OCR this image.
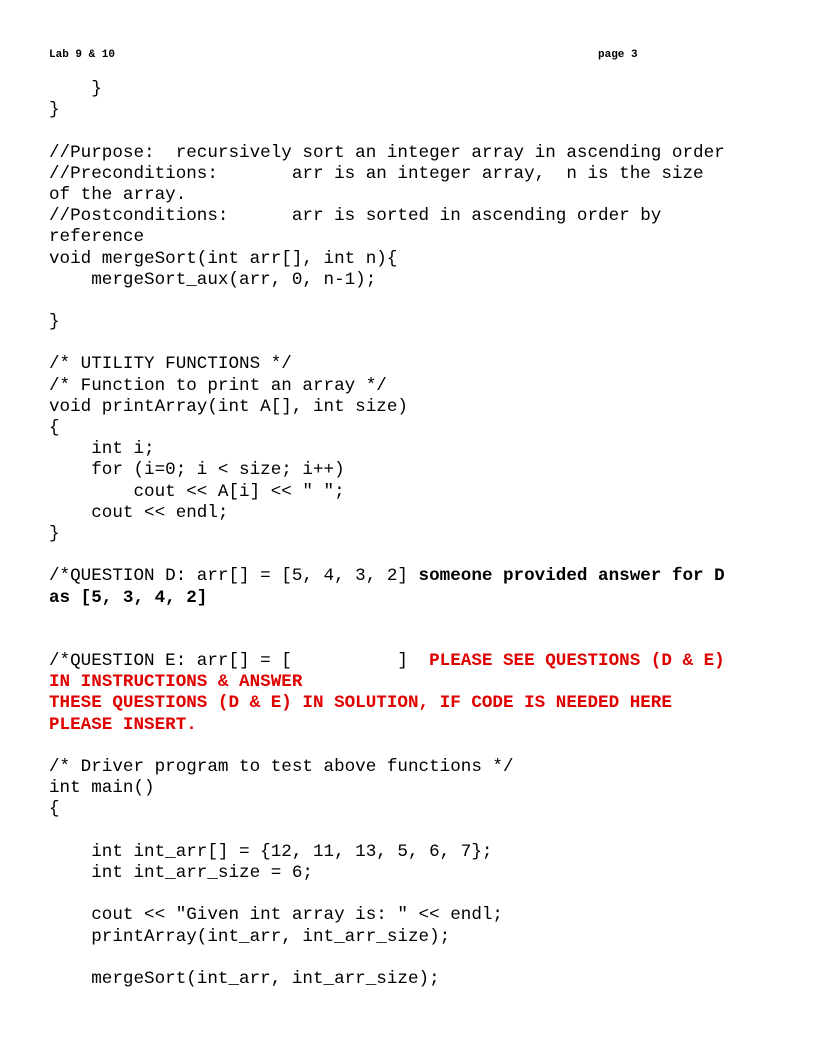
Lab 9 & 10	page 3
}
}
//Purpose:  recursively sort an integer array in ascending order
//Preconditions:       arr is an integer array,  n is the size
of the array.
//Postconditions:      arr is sorted in ascending order by
reference
void mergeSort(int arr[], int n){
mergeSort_aux(arr, 0, n-1);
}
/* UTILITY FUNCTIONS */
/* Function to print an array */
void printArray(int A[], int size)
{
int i;
for (i=0; i < size; i++)
cout << A[i] << " ";
cout << endl;
}
/*QUESTION D: arr[] = [5, 4, 3, 2] someone provided answer for D
as [5, 3, 4, 2]
/*QUESTION E: arr[] = [          ]  PLEASE SEE QUESTIONS (D & E)
IN INSTRUCTIONS & ANSWER
THESE QUESTIONS (D & E) IN SOLUTION, IF CODE IS NEEDED HERE
PLEASE INSERT.
/* Driver program to test above functions */
int main()
{
int int_arr[] = {12, 11, 13, 5, 6, 7};
int int_arr_size = 6;
cout << "Given int array is: " << endl;
printArray(int_arr, int_arr_size);
mergeSort(int_arr, int_arr_size);
